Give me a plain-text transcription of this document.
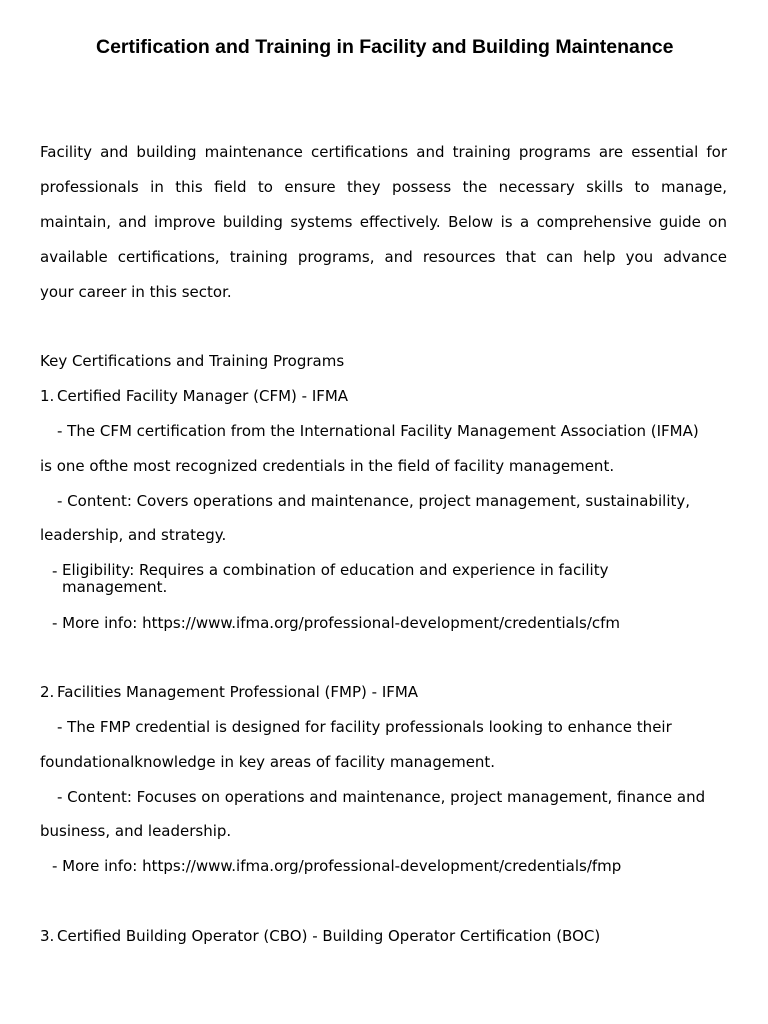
Certification and Training in Facility and Building Maintenance
Facility and building maintenance certifications and training programs are essential for
professionals in this field to ensure they possess the necessary skills to manage,
maintain, and improve building systems effectively. Below is a comprehensive guide on
available certifications, training programs, and resources that can help you advance
your career in this sector.
Key Certifications and Training Programs
1. Certified Facility Manager (CFM) - IFMA
- The CFM certification from the International Facility Management Association (IFMA)
is one ofthe most recognized credentials in the field of facility management.
- Content: Covers operations and maintenance, project management, sustainability,
leadership, and strategy.
- Eligibility: Requires a combination of education and experience in facility management.
- More info: https://www.ifma.org/professional-development/credentials/cfm
2. Facilities Management Professional (FMP) - IFMA
- The FMP credential is designed for facility professionals looking to enhance their
foundationalknowledge in key areas of facility management.
- Content: Focuses on operations and maintenance, project management, finance and
business, and leadership.
- More info: https://www.ifma.org/professional-development/credentials/fmp
3. Certified Building Operator (CBO) - Building Operator Certification (BOC)
